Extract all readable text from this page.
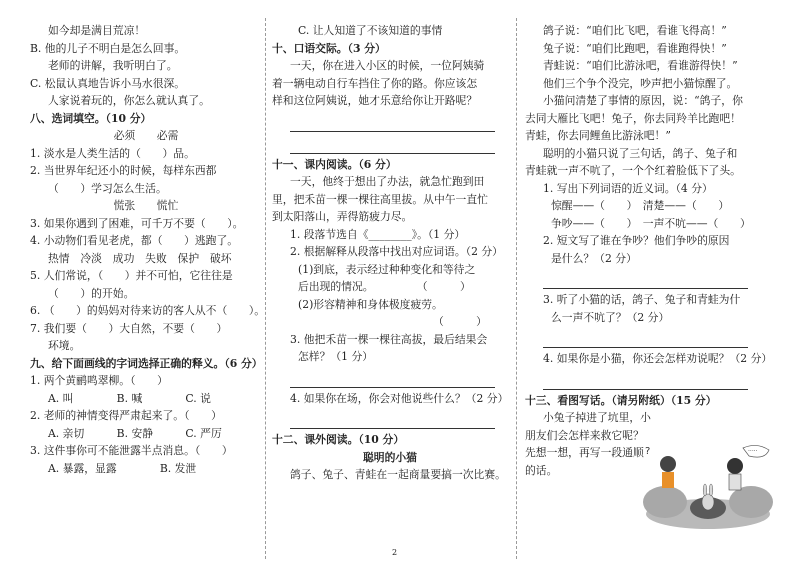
如今却是满目荒凉！
B. 他的儿子不明白是怎么回事。
老师的讲解，我听明白了。
C. 松鼠认真地告诉小马水很深。
人家说着玩的，你怎么就认真了。
八、选词填空。（10 分）
必须　　必需
1. 淡水是人类生活的（　　）品。
2. 当世界年纪还小的时候，每样东西都
（　　）学习怎么生活。
慌张　　慌忙
3. 如果你遇到了困难，可千万不要（　　）。
4. 小动物们看见老虎，都（　　）逃跑了。
热情　冷淡　成功　失败　保护　破坏
5. 人们常说，（　　）并不可怕，它往往是
（　　）的开始。
6. （　　）的妈妈对待来访的客人从不（　　）。
7. 我们要（　　）大自然，不要（　　）
环境。
九、给下面画线的字词选择正确的释义。（6 分）
1. 两个黄鹂鸣翠柳。（　　）
A. 叫　　　　B. 喊　　　　C. 说
2. 老师的神情变得严肃起来了。（　　）
A. 亲切　　　B. 安静　　　C. 严厉
3. 这件事你可不能泄露半点消息。（　　）
A. 暴露，显露　　　　B. 发泄
C. 让人知道了不该知道的事情
十、口语交际。（3 分）
一天，你在进入小区的时候，一位阿姨骑
着一辆电动自行车挡住了你的路。你应该怎
样和这位阿姨说，她才乐意给你让开路呢？
十一、课内阅读。（6 分）
一天，他终于想出了办法，就急忙跑到田
里，把禾苗一棵一棵往高里拔。从中午一直忙
到太阳落山，弄得筋疲力尽。
1. 段落节选自《________》。（1 分）
2. 根据解释从段落中找出对应词语。（2 分）
(1)到底，表示经过种种变化和等待之
后出现的情况。　　　　　（　　　）
(2)形容精神和身体极度疲劳。
　　　　　　　　　　　　　（　　　）
3. 他把禾苗一棵一棵往高拔，最后结果会
怎样？（1 分）
4. 如果你在场，你会对他说些什么？（2 分）
十二、课外阅读。（10 分）
聪明的小猫
鸽子、兔子、青蛙在一起商量要搞一次比赛。
鸽子说：“咱们比飞吧，看谁飞得高！”
兔子说：“咱们比跑吧，看谁跑得快！”
青蛙说：“咱们比游泳吧，看谁游得快！”
他们三个争个没完，吵声把小猫惊醒了。
小猫问清楚了事情的原因，说：“鸽子，你
去同大雁比飞吧！兔子，你去同羚羊比跑吧！
青蛙，你去同鲤鱼比游泳吧！”
聪明的小猫只说了三句话，鸽子、兔子和
青蛙就一声不吭了，一个个红着脸低下了头。
1. 写出下列词语的近义词。（4 分）
惊醒——（　　）　清楚——（　　）
争吵——（　　）　一声不吭——（　　）
2. 短文写了谁在争吵？他们争吵的原因
是什么？（2 分）
3. 听了小猫的话，鸽子、兔子和青蛙为什
么一声不吭了？（2 分）
4. 如果你是小猫，你还会怎样劝说呢？（2 分）
十三、看图写话。（请另附纸）（15 分）
小兔子掉进了坑里，小
朋友们会怎样来救它呢？
先想一想，再写一段通顺
的话。
?	·····
2
